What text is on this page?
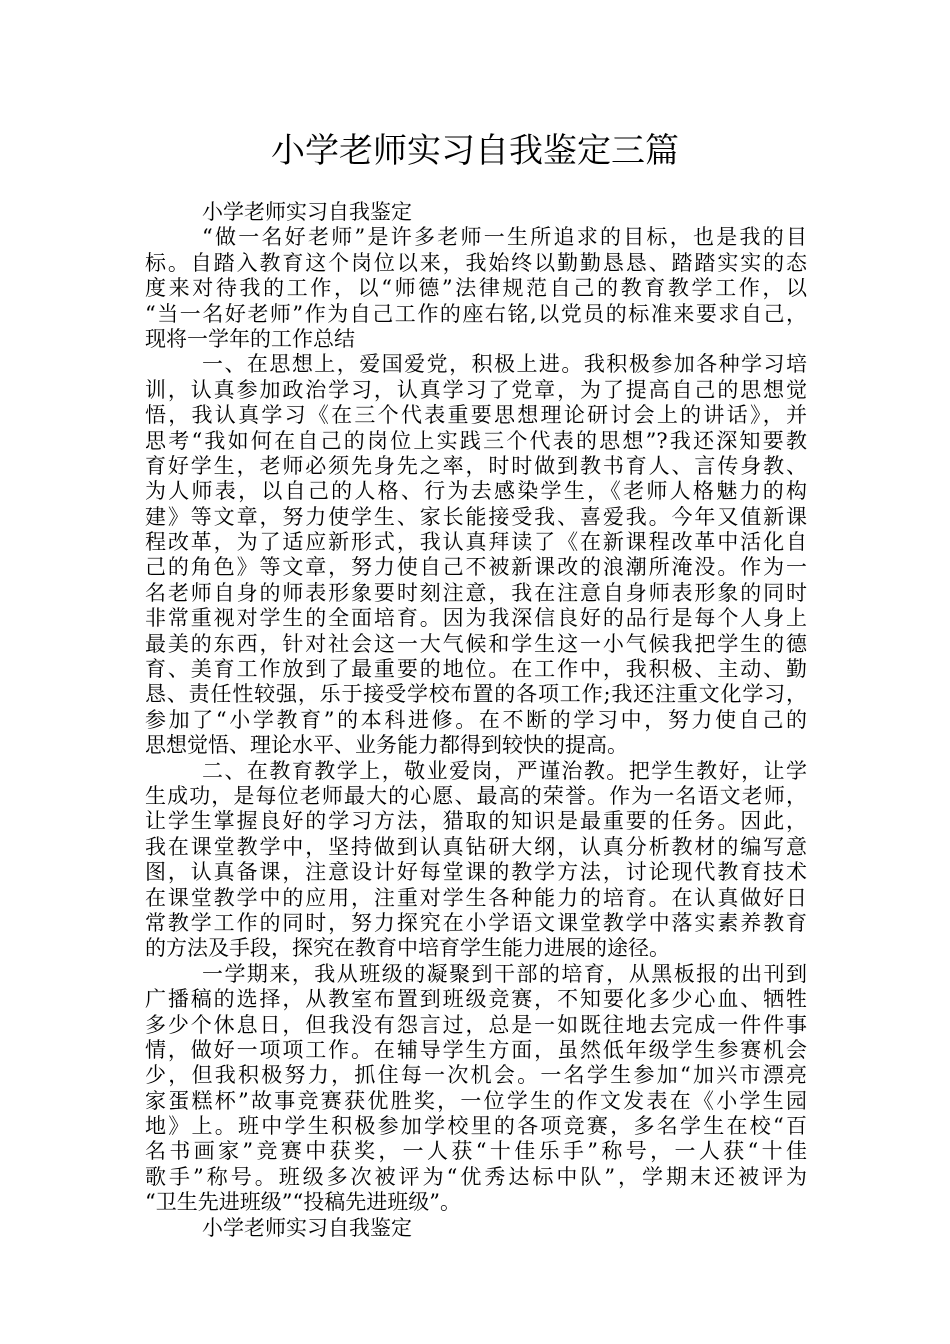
小学老师实习自我鉴定三篇
小学老师实习自我鉴定
“做一名好老师”是许多老师一生所追求的目标，也是我的目
标。自踏入教育这个岗位以来，我始终以勤勤恳恳、踏踏实实的态
度来对待我的工作，以“师德”法律规范自己的教育教学工作，以
“当一名好老师”作为自己工作的座右铭,以党员的标准来要求自己，
现将一学年的工作总结
一、在思想上，爱国爱党，积极上进。我积极参加各种学习培
训，认真参加政治学习，认真学习了党章，为了提高自己的思想觉
悟，我认真学习《在三个代表重要思想理论研讨会上的讲话》，并
思考“我如何在自己的岗位上实践三个代表的思想”?我还深知要教
育好学生，老师必须先身先之率，时时做到教书育人、言传身教、
为人师表，以自己的人格、行为去感染学生，《老师人格魅力的构
建》等文章，努力使学生、家长能接受我、喜爱我。今年又值新课
程改革，为了适应新形式，我认真拜读了《在新课程改革中活化自
己的角色》等文章，努力使自己不被新课改的浪潮所淹没。作为一
名老师自身的师表形象要时刻注意，我在注意自身师表形象的同时
非常重视对学生的全面培育。因为我深信良好的品行是每个人身上
最美的东西，针对社会这一大气候和学生这一小气候我把学生的德
育、美育工作放到了最重要的地位。在工作中，我积极、主动、勤
恳、责任性较强，乐于接受学校布置的各项工作;我还注重文化学习，
参加了“小学教育”的本科进修。在不断的学习中，努力使自己的
思想觉悟、理论水平、业务能力都得到较快的提高。
二、在教育教学上，敬业爱岗，严谨治教。把学生教好，让学
生成功，是每位老师最大的心愿、最高的荣誉。作为一名语文老师，
让学生掌握良好的学习方法，猎取的知识是最重要的任务。因此，
我在课堂教学中，坚持做到认真钻研大纲，认真分析教材的编写意
图，认真备课，注意设计好每堂课的教学方法，讨论现代教育技术
在课堂教学中的应用，注重对学生各种能力的培育。在认真做好日
常教学工作的同时，努力探究在小学语文课堂教学中落实素养教育
的方法及手段，探究在教育中培育学生能力进展的途径。
一学期来，我从班级的凝聚到干部的培育，从黑板报的出刊到
广播稿的选择，从教室布置到班级竞赛，不知要化多少心血、牺牲
多少个休息日，但我没有怨言过，总是一如既往地去完成一件件事
情，做好一项项工作。在辅导学生方面，虽然低年级学生参赛机会
少，但我积极努力，抓住每一次机会。一名学生参加“加兴市漂亮
家蛋糕杯”故事竞赛获优胜奖，一位学生的作文发表在《小学生园
地》上。班中学生积极参加学校里的各项竞赛，多名学生在校“百
名书画家”竞赛中获奖，一人获“十佳乐手”称号，一人获“十佳
歌手”称号。班级多次被评为“优秀达标中队”，学期末还被评为
“卫生先进班级”“投稿先进班级”。
小学老师实习自我鉴定
